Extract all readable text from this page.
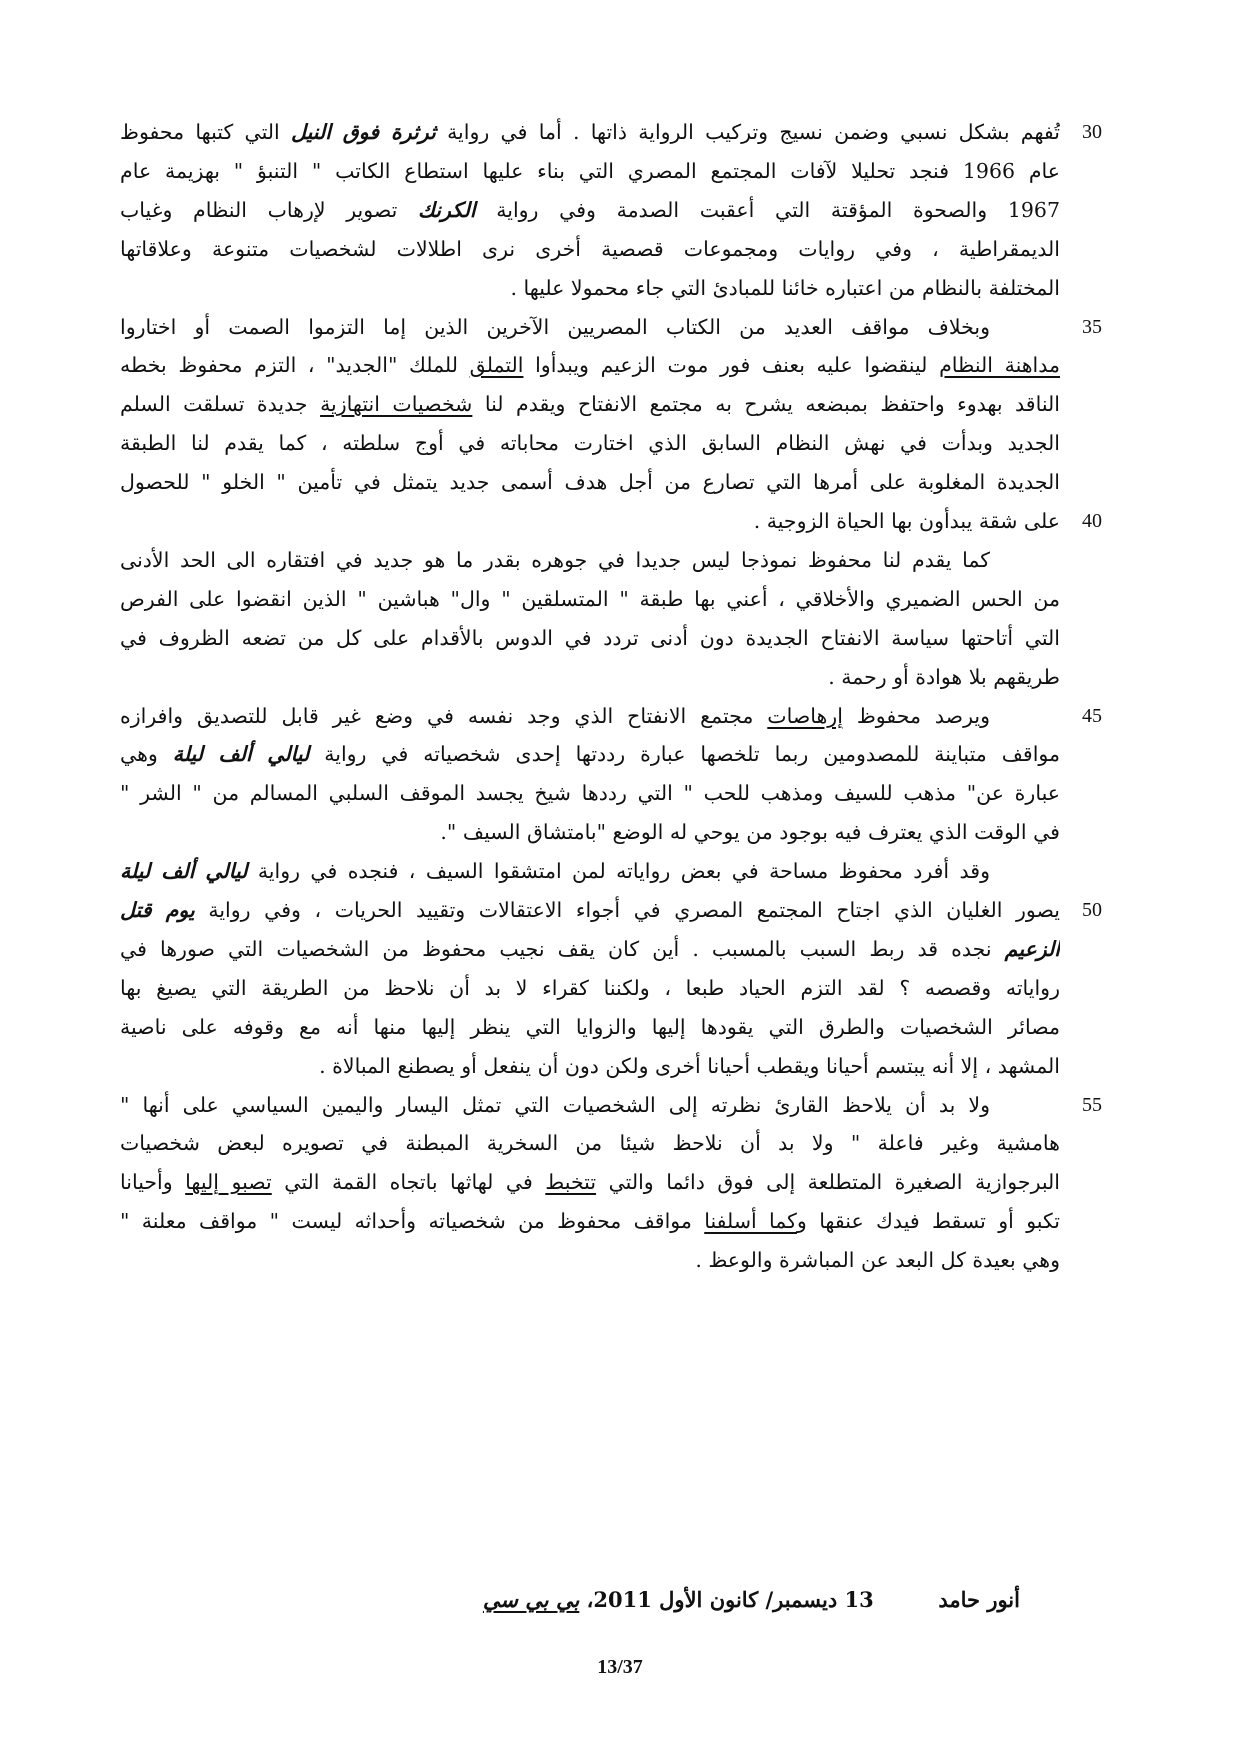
تُفهم بشكل نسبي وضمن نسيج وتركيب الرواية ذاتها . أما في رواية ثرثرة فوق النيل التي كتبها محفوظ	30
عام 1966 فنجد تحليلا لآفات المجتمع المصري التي بناء عليها استطاع الكاتب " التنبؤ " بهزيمة عام
1967 والصحوة المؤقتة التي أعقبت الصدمة وفي رواية الكرنك تصوير لإرهاب النظام وغياب
الديمقراطية ، وفي روايات ومجموعات قصصية أخرى نرى اطلالات لشخصيات متنوعة وعلاقاتها
المختلفة بالنظام من اعتباره خائنا للمبادئ التي جاء محمولا عليها .
وبخلاف مواقف العديد من الكتاب المصريين الآخرين الذين إما التزموا الصمت أو اختاروا	35
مداهنة النظام لينقضوا عليه بعنف فور موت الزعيم ويبدأوا التملق للملك "الجديد" ، التزم محفوظ بخطه
الناقد بهدوء واحتفظ بمبضعه يشرح به مجتمع الانفتاح ويقدم لنا شخصيات انتهازية جديدة تسلقت السلم
الجديد وبدأت في نهش النظام السابق الذي اختارت محاباته في أوج سلطته ، كما يقدم لنا الطبقة
الجديدة المغلوبة على أمرها التي تصارع من أجل هدف أسمى جديد يتمثل في تأمين " الخلو " للحصول
على شقة يبدأون بها الحياة الزوجية . 40
كما يقدم لنا محفوظ نموذجا ليس جديدا في جوهره بقدر ما هو جديد في افتقاره الى الحد الأدنى
من الحس الضميري والأخلاقي ، أعني بها طبقة " المتسلقين " وال" هباشين " الذين انقضوا على الفرص
التي أتاحتها سياسة الانفتاح الجديدة دون أدنى تردد في الدوس بالأقدام على كل من تضعه الظروف في
طريقهم بلا هوادة أو رحمة .
ويرصد محفوظ إرهاصات مجتمع الانفتاح الذي وجد نفسه في وضع غير قابل للتصديق وافرازه	45
مواقف متباينة للمصدومين ربما تلخصها عبارة رددتها إحدى شخصياته في رواية ليالي ألف ليلة وهي
عبارة عن" مذهب للسيف ومذهب للحب " التي رددها شيخ يجسد الموقف السلبي المسالم من " الشر "
في الوقت الذي يعترف فيه بوجود من يوحي له الوضع "بامتشاق السيف ".
وقد أفرد محفوظ مساحة في بعض رواياته لمن امتشقوا السيف ، فنجده في رواية ليالي ألف ليلة
يصور الغليان الذي اجتاح المجتمع المصري في أجواء الاعتقالات وتقييد الحريات ، وفي رواية يوم قتل	50
الزعيم نجده قد ربط السبب بالمسبب . أين كان يقف نجيب محفوظ من الشخصيات التي صورها في
رواياته وقصصه ؟ لقد التزم الحياد طبعا ، ولكننا كقراء لا بد أن نلاحظ من الطريقة التي يصيغ بها
مصائر الشخصيات والطرق التي يقودها إليها والزوايا التي ينظر إليها منها أنه مع وقوفه على ناصية
المشهد ، إلا أنه يبتسم أحيانا ويقطب أحيانا أخرى ولكن دون أن ينفعل أو يصطنع المبالاة .
ولا بد أن يلاحظ القارئ نظرته إلى الشخصيات التي تمثل اليسار واليمين السياسي على أنها "	55
هامشية وغير فاعلة " ولا بد أن نلاحظ شيئا من السخرية المبطنة في تصويره لبعض شخصيات
البرجوازية الصغيرة المتطلعة إلى فوق دائما والتي تتخبط في لهاثها باتجاه القمة التي تصبو إليها وأحيانا
تكبو أو تسقط فيدك عنقها وكما أسلفنا مواقف محفوظ من شخصياته وأحداثه ليست " مواقف معلنة "
وهي بعيدة كل البعد عن المباشرة والوعظ .
أنور حامد  13 ديسمبر/ كانون الأول 2011، بي بي سي
13/37
